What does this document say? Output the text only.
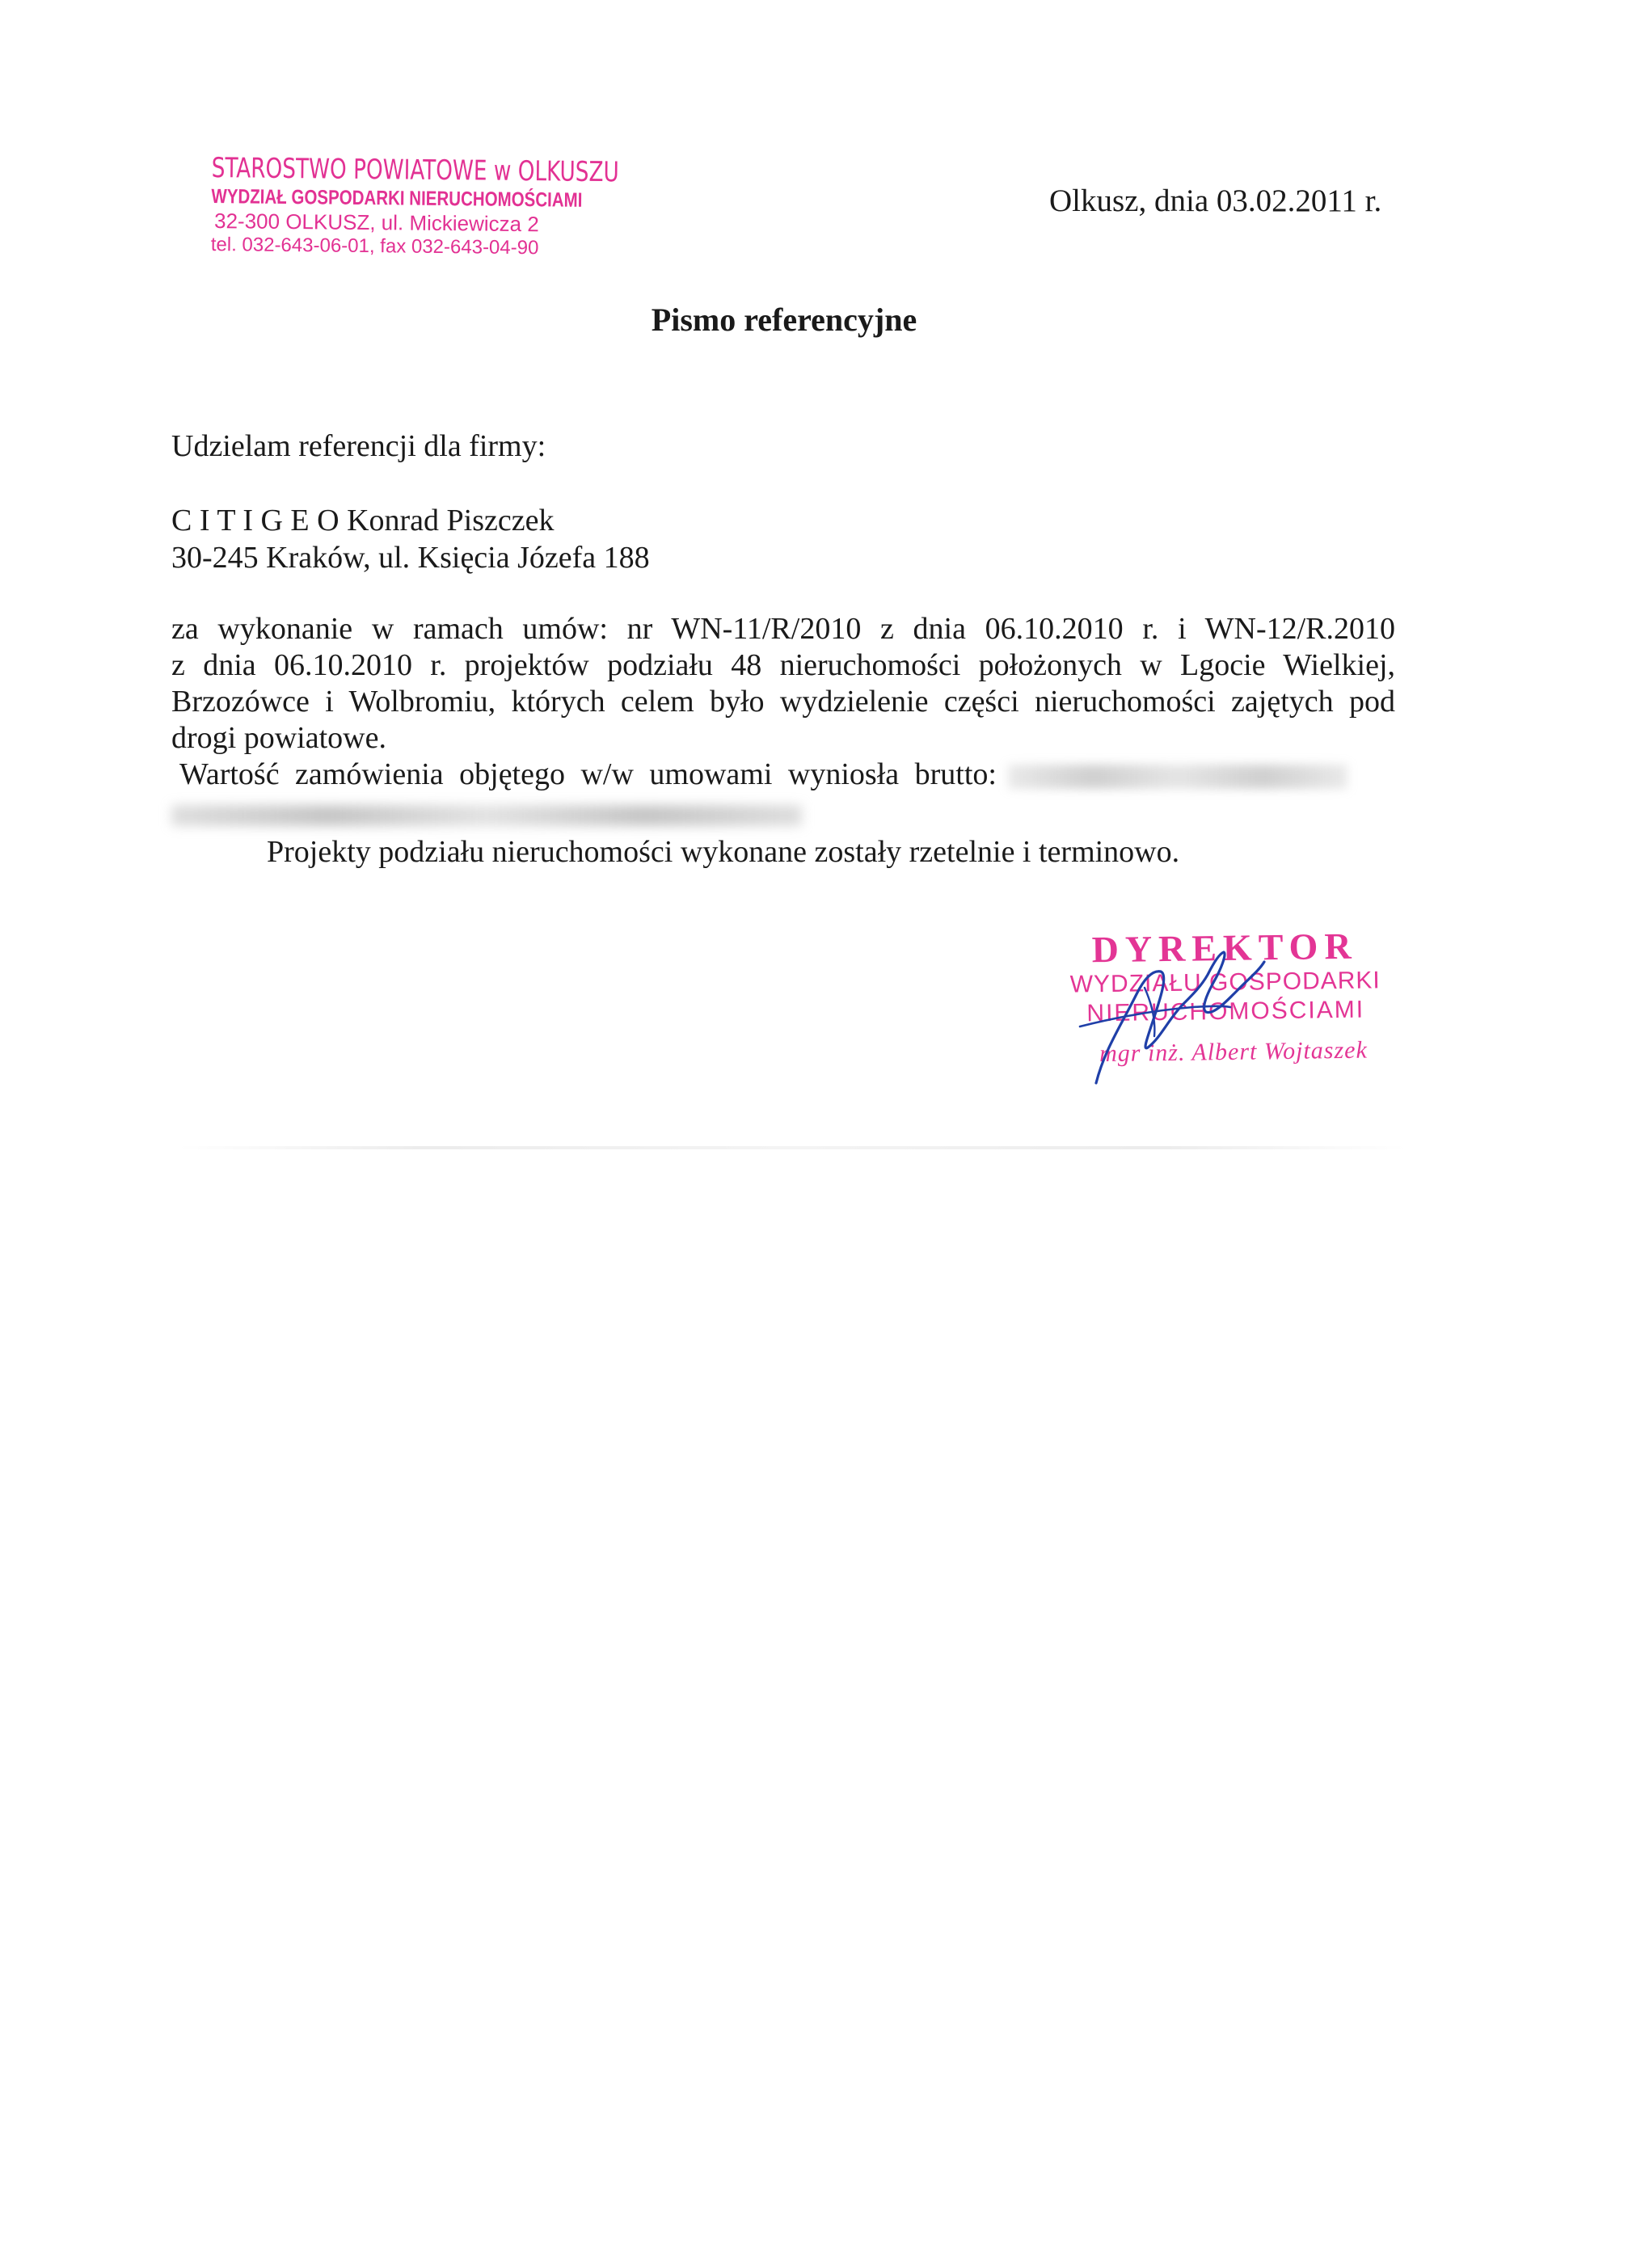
STAROSTWO POWIATOWE w OLKUSZU
WYDZIAŁ GOSPODARKI NIERUCHOMOŚCIAMI
32-300 OLKUSZ, ul. Mickiewicza 2
tel. 032-643-06-01, fax 032-643-04-90
Olkusz, dnia 03.02.2011 r.
Pismo referencyjne
Udzielam referencji dla firmy:
C I T I G E O Konrad Piszczek
30-245 Kraków, ul. Księcia Józefa 188
za wykonanie w ramach umów: nr WN-11/R/2010 z dnia 06.10.2010 r. i WN-12/R.2010
z dnia 06.10.2010 r. projektów podziału 48 nieruchomości położonych w Lgocie Wielkiej,
Brzozówce i Wolbromiu, których celem było wydzielenie części nieruchomości zajętych pod
drogi powiatowe.
Wartość zamówienia objętego w/w umowami wyniosła brutto:
Projekty podziału nieruchomości wykonane zostały rzetelnie i terminowo.
DYREKTOR
WYDZIAŁU GOSPODARKI
NIERUCHOMOŚCIAMI
mgr inż. Albert Wojtaszek
